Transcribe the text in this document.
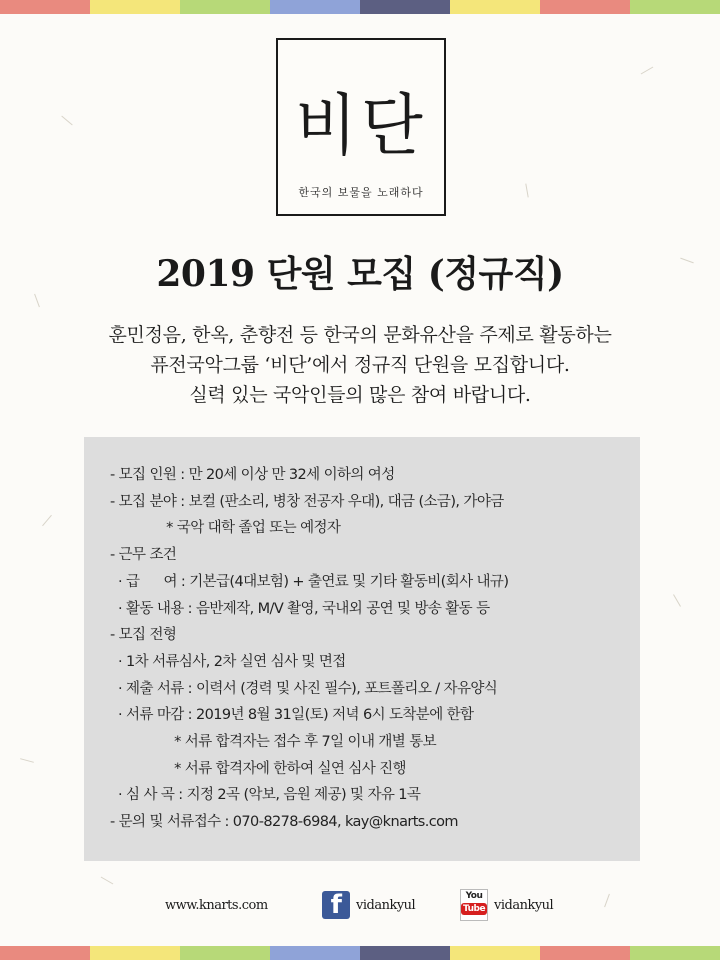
비단
한국의 보물을 노래하다
2019 단원 모집 (정규직)
훈민정음, 한옥, 춘향전 등 한국의 문화유산을 주제로 활동하는
퓨전국악그룹 ‘비단’에서 정규직 단원을 모집합니다.
실력 있는 국악인들의 많은 참여 바랍니다.
- 모집 인원 : 만 20세 이상 만 32세 이하의 여성
- 모집 분야 : 보컬 (판소리, 병창 전공자 우대), 대금 (소금), 가야금
* 국악 대학 졸업 또는 예정자
- 근무 조건
· 급      여 : 기본급(4대보험) + 출연료 및 기타 활동비(회사 내규)
· 활동 내용 : 음반제작, M/V 촬영, 국내외 공연 및 방송 활동 등
- 모집 전형
· 1차 서류심사, 2차 실연 심사 및 면접
· 제출 서류 : 이력서 (경력 및 사진 필수), 포트폴리오 / 자유양식
· 서류 마감 : 2019년 8월 31일(토) 저녁 6시 도착분에 한함
* 서류 합격자는 접수 후 7일 이내 개별 통보
* 서류 합격자에 한하여 실연 심사 진행
· 심 사 곡 : 지정 2곡 (악보, 음원 제공) 및 자유 1곡
- 문의 및 서류접수 : 070-8278-6984, kay@knarts.com
www.knarts.com	f	vidankyul
You
Tube vidankyul
